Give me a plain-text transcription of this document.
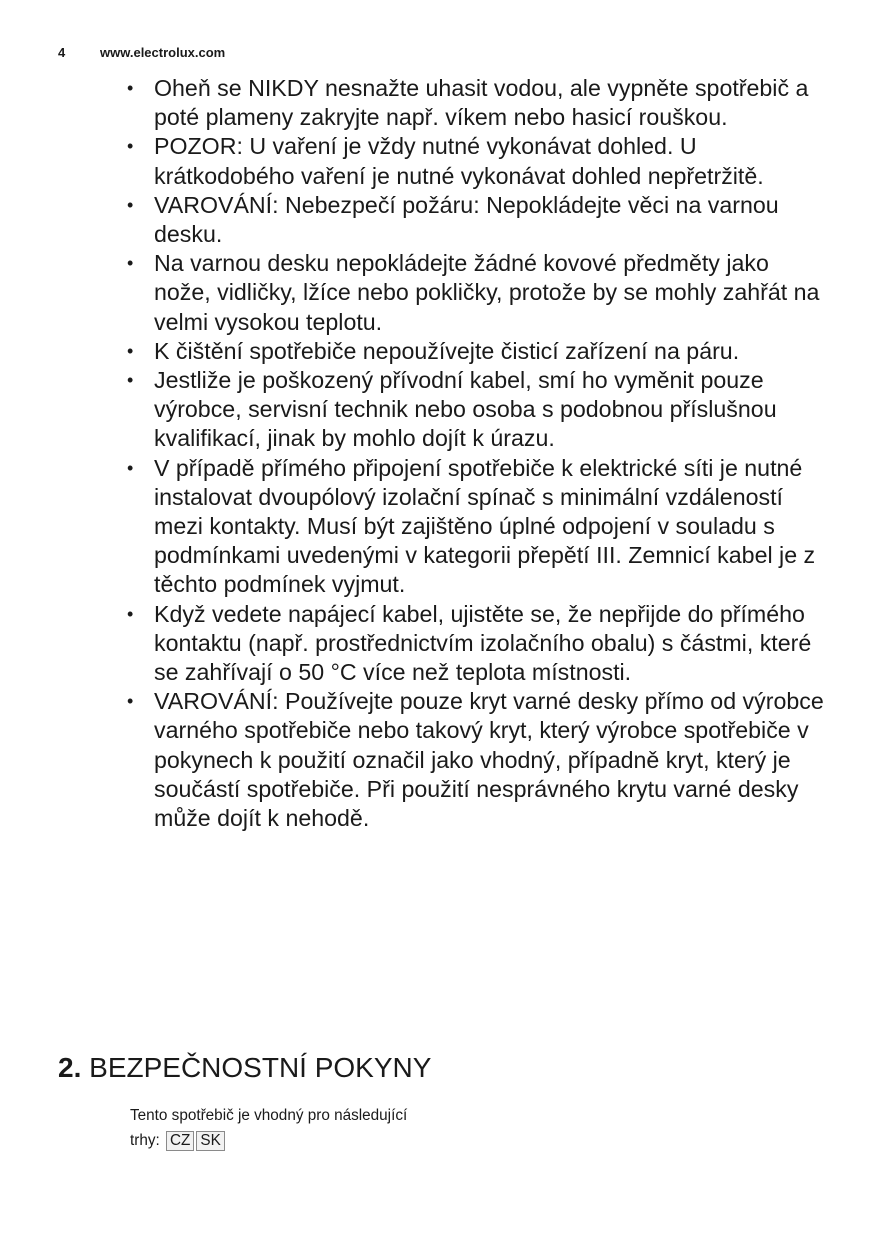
4	www.electrolux.com
• Oheň se NIKDY nesnažte uhasit vodou, ale vypněte spotřebič a poté plameny zakryjte např. víkem nebo hasicí rouškou.
• POZOR: U vaření je vždy nutné vykonávat dohled. U krátkodobého vaření je nutné vykonávat dohled nepřetržitě.
• VAROVÁNÍ: Nebezpečí požáru: Nepokládejte věci na varnou desku.
• Na varnou desku nepokládejte žádné kovové předměty jako nože, vidličky, lžíce nebo pokličky, protože by se mohly zahřát na velmi vysokou teplotu.
• K čištění spotřebiče nepoužívejte čisticí zařízení na páru.
• Jestliže je poškozený přívodní kabel, smí ho vyměnit pouze výrobce, servisní technik nebo osoba s podobnou příslušnou kvalifikací, jinak by mohlo dojít k úrazu.
• V případě přímého připojení spotřebiče k elektrické síti je nutné instalovat dvoupólový izolační spínač s minimální vzdáleností mezi kontakty. Musí být zajištěno úplné odpojení v souladu s podmínkami uvedenými v kategorii přepětí III. Zemnicí kabel je z těchto podmínek vyjmut.
• Když vedete napájecí kabel, ujistěte se, že nepřijde do přímého kontaktu (např. prostřednictvím izolačního obalu) s částmi, které se zahřívají o 50 °C více než teplota místnosti.
• VAROVÁNÍ: Používejte pouze kryt varné desky přímo od výrobce varného spotřebiče nebo takový kryt, který výrobce spotřebiče v pokynech k použití označil jako vhodný, případně kryt, který je součástí spotřebiče. Při použití nesprávného krytu varné desky může dojít k nehodě.
2. BEZPEČNOSTNÍ POKYNY
Tento spotřebič je vhodný pro následující
trhy: CZ SK
